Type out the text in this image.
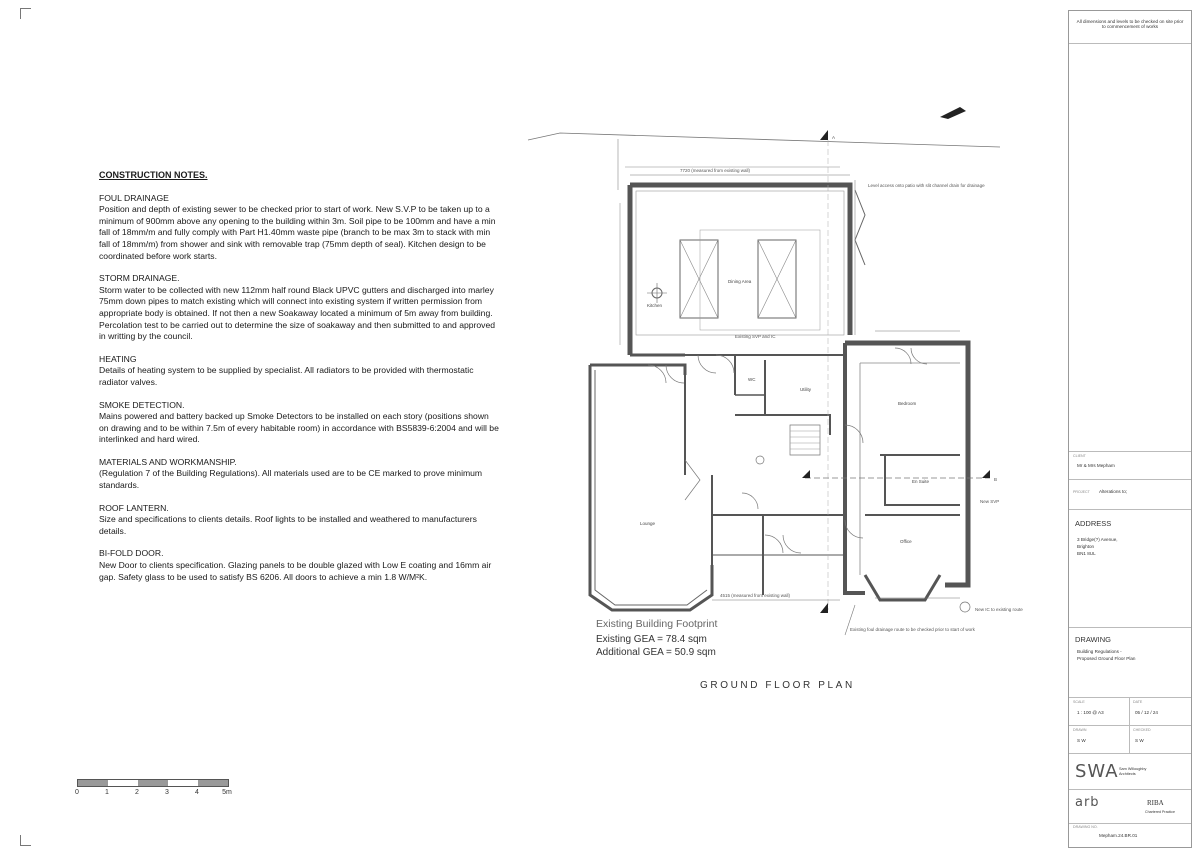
CONSTRUCTION NOTES.
FOUL DRAINAGE
Position and depth of existing sewer to be checked prior to start of work. New S.V.P to be taken up to a minimum of 900mm above any opening to the building within 3m. Soil pipe to be 100mm and have a min fall of 18mm/m and fully comply with Part H1.40mm waste pipe (branch to be max 3m to stack with min fall of 18mm/m) from shower and sink with removable trap (75mm depth of seal). Kitchen design to be coordinated before work starts.
STORM DRAINAGE.
Storm water to be collected with new 112mm half round Black UPVC gutters and discharged into marley 75mm down pipes to match existing which will connect into existing system if written permission from appropriate body is obtained. If not then a new Soakaway located a minimum of 5m away from building. Percolation test to be carried out to determine the size of soakaway and then submitted to and approved in writting by the council.
HEATING
Details of heating system to be supplied by specialist. All radiators to be provided with thermostatic radiator valves.
SMOKE DETECTION.
Mains powered and battery backed up Smoke Detectors to be installed on each story (positions shown on drawing and to be within 7.5m of every habitable room) in accordance with BS5839-6:2004 and will be interlinked and hard wired.
MATERIALS AND WORKMANSHIP.
(Regulation 7 of the Building Regulations). All materials used are to be CE marked to prove minimum standards.
ROOF LANTERN.
Size and specifications to clients details. Roof lights to be installed and weathered to manufacturers details.
BI-FOLD DOOR.
New Door to clients specification. Glazing panels to be double glazed with Low E coating and 16mm air gap. Safety glass to be used to satisfy BS 6206. All doors to achieve a min 1.8 W/M²K.
0	1	2	3	4	5m
Kitchen
Dining Area
WC
Utility
Bedroom
En Suite
Office
Lounge
Level access onto patio with slit channel drain for drainage
Existing SVP and IC
New SVP
New IC to existing route
Existing foul drainage route to be checked prior to start of work
7720 (measured from existing wall)
4515 (measured from existing wall)
A
B
Existing Building Footprint
Existing GEA = 78.4 sqm
Additional GEA = 50.9 sqm
GROUND FLOOR PLAN
All dimensions and levels to be checked on site prior to commencement of works
CLIENT
Mr & Mrs Mepham
PROJECT Alterations to;
ADDRESS
3 Bridge(?) Avenue,
Brighton
BN1 8UL
DRAWING
Building Regulations -
Proposed Ground Floor Plan
SCALE
1 : 100 @ A3
DATE
05 / 12 / 24
DRAWN
S W
CHECKED
S W
SWA Sam Willoughby Architects
arb	RIBA
Chartered Practice
DRAWING NO.
Mepham.24.BR.01
